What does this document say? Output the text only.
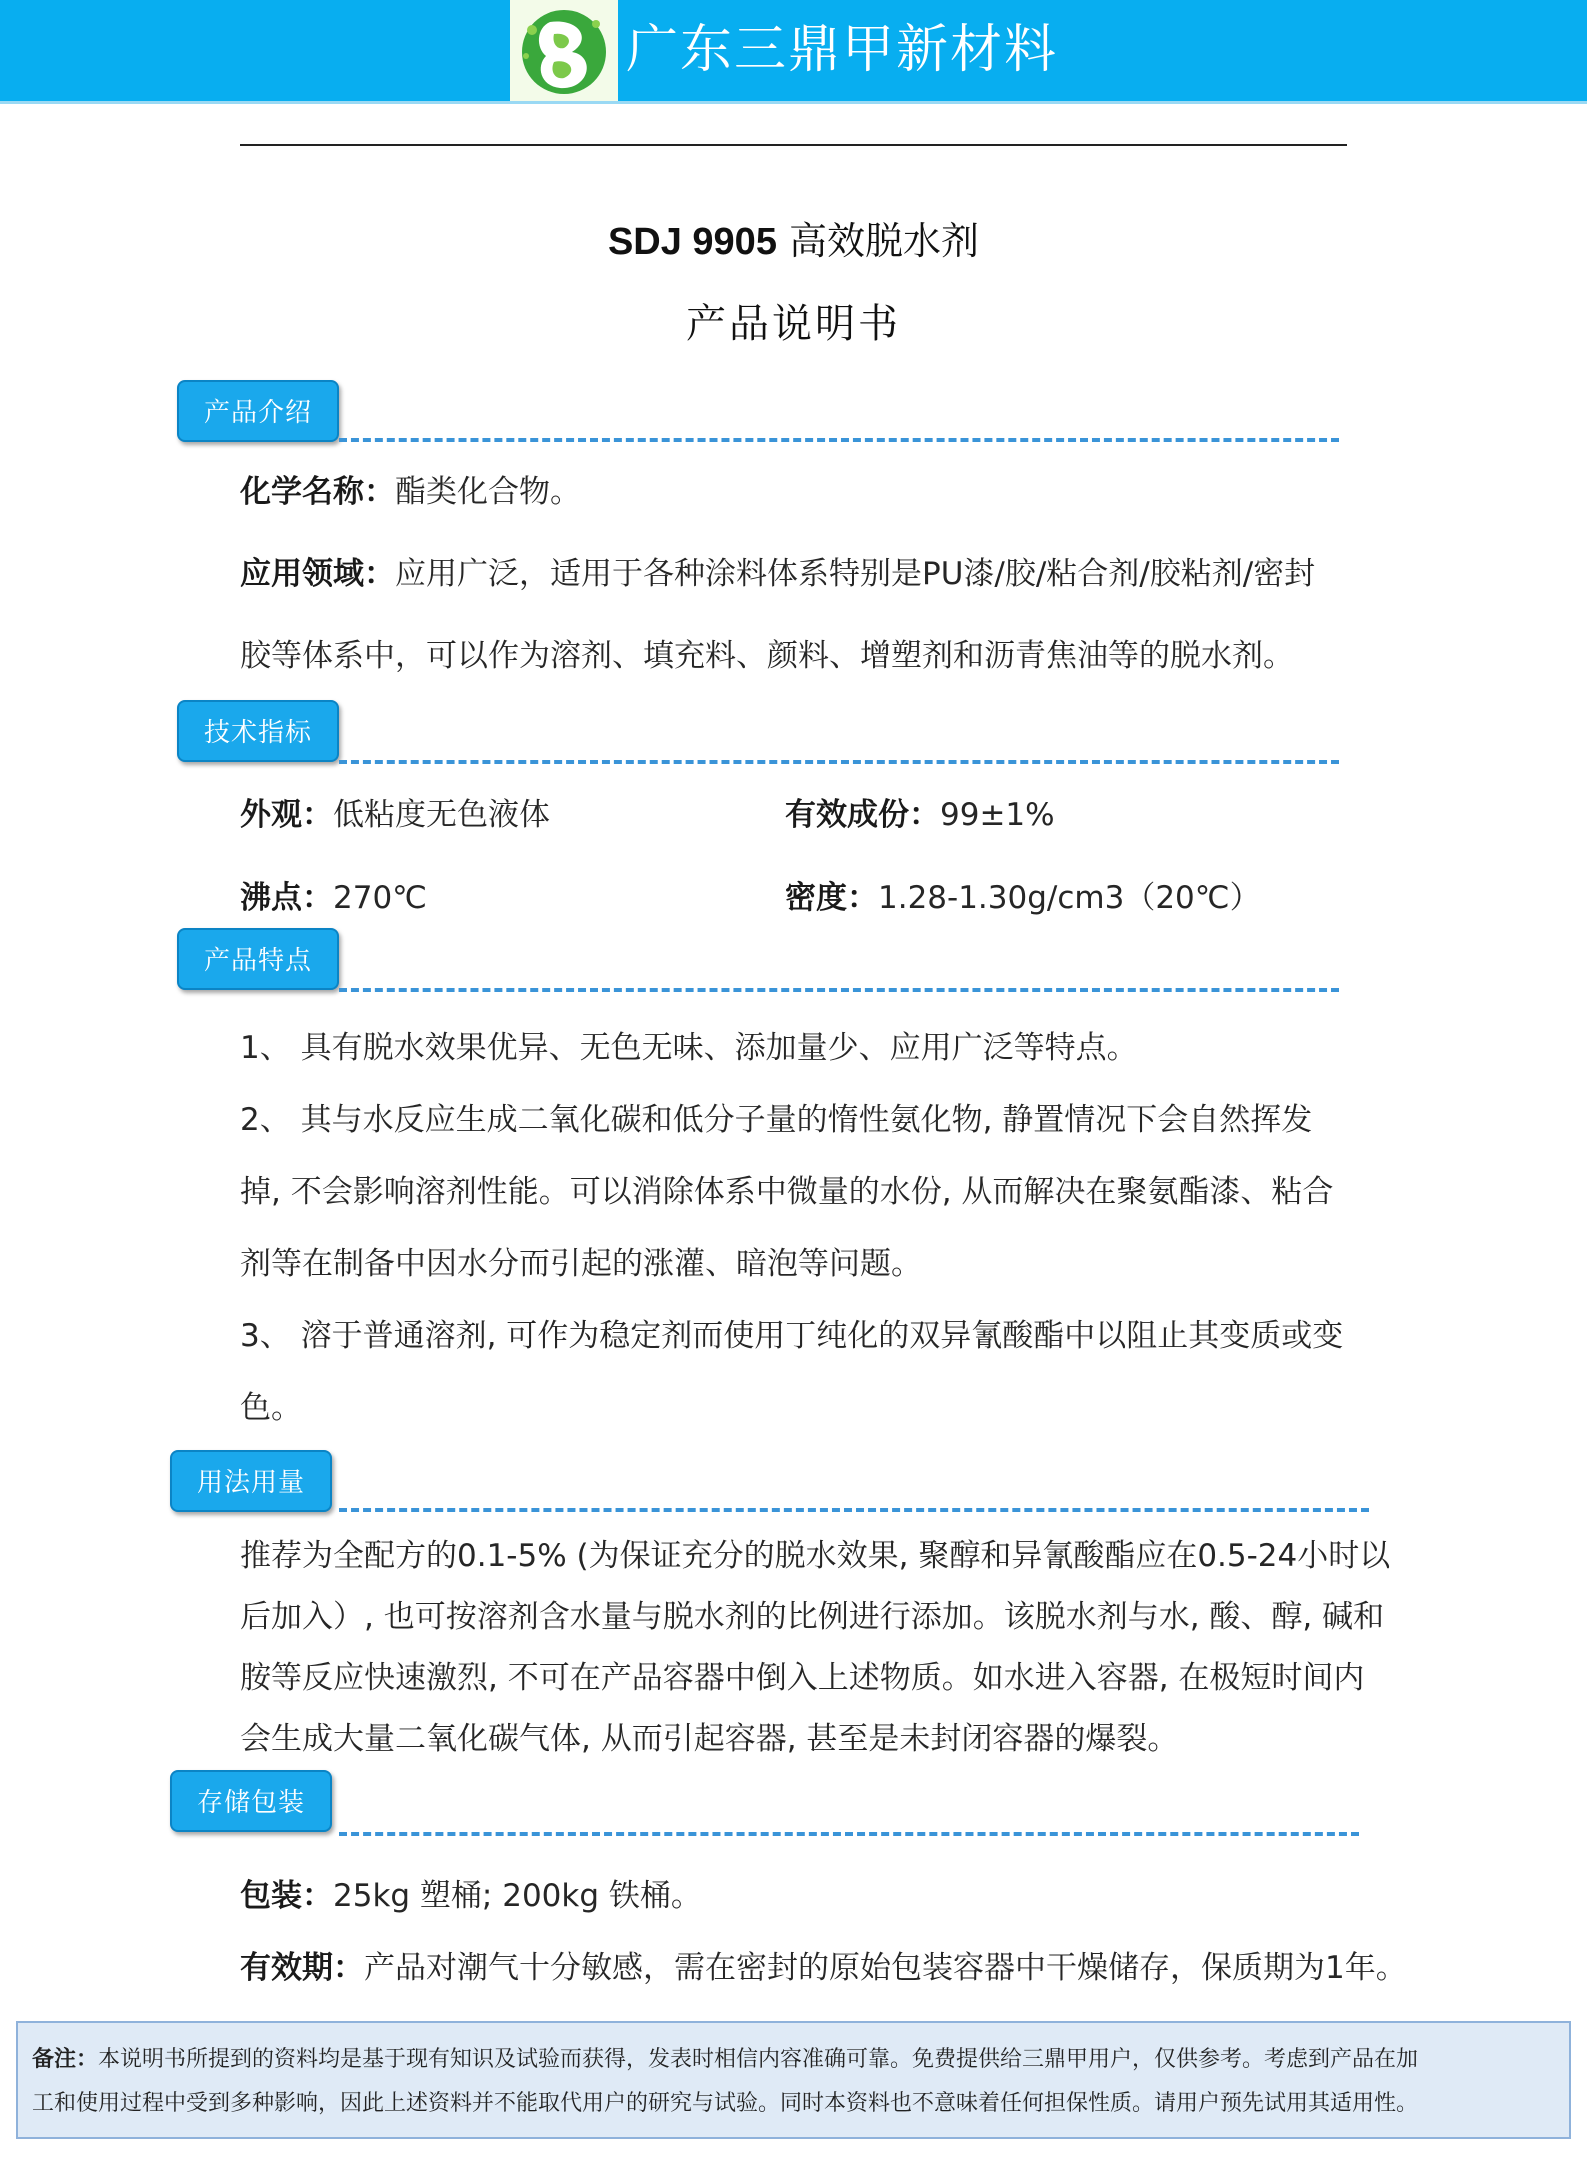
广东三鼎甲新材料
SDJ 9905 高效脱水剂
产品说明书
产品介绍
化学名称：酯类化合物。
应用领域：应用广泛，适用于各种涂料体系特别是PU漆/胶/粘合剂/胶粘剂/密封
胶等体系中，可以作为溶剂、填充料、颜料、增塑剂和沥青焦油等的脱水剂。
技术指标
外观：低粘度无色液体	有效成份：99±1%
沸点：270℃	密度：1.28-1.30g/cm3（20℃）
产品特点
1、 具有脱水效果优异、无色无味、添加量少、应用广泛等特点。
2、 其与水反应生成二氧化碳和低分子量的惰性氨化物, 静置情况下会自然挥发
掉, 不会影响溶剂性能。可以消除体系中微量的水份, 从而解决在聚氨酯漆、粘合
剂等在制备中因水分而引起的涨灌、暗泡等问题。
3、 溶于普通溶剂, 可作为稳定剂而使用丁纯化的双异氰酸酯中以阻止其变质或变
色。
用法用量
推荐为全配方的0.1-5% (为保证充分的脱水效果, 聚醇和异氰酸酯应在0.5-24小时以
后加入）, 也可按溶剂含水量与脱水剂的比例进行添加。该脱水剂与水, 酸、醇, 碱和
胺等反应快速激烈, 不可在产品容器中倒入上述物质。如水进入容器, 在极短时间内
会生成大量二氧化碳气体, 从而引起容器, 甚至是未封闭容器的爆裂。
存储包装
包装：25kg 塑桶; 200kg 铁桶。
有效期：产品对潮气十分敏感，需在密封的原始包装容器中干燥储存，保质期为1年。
备注：本说明书所提到的资料均是基于现有知识及试验而获得，发表时相信内容准确可靠。免费提供给三鼎甲用户，仅供参考。考虑到产品在加
工和使用过程中受到多种影响，因此上述资料并不能取代用户的研究与试验。同时本资料也不意味着任何担保性质。请用户预先试用其适用性。
